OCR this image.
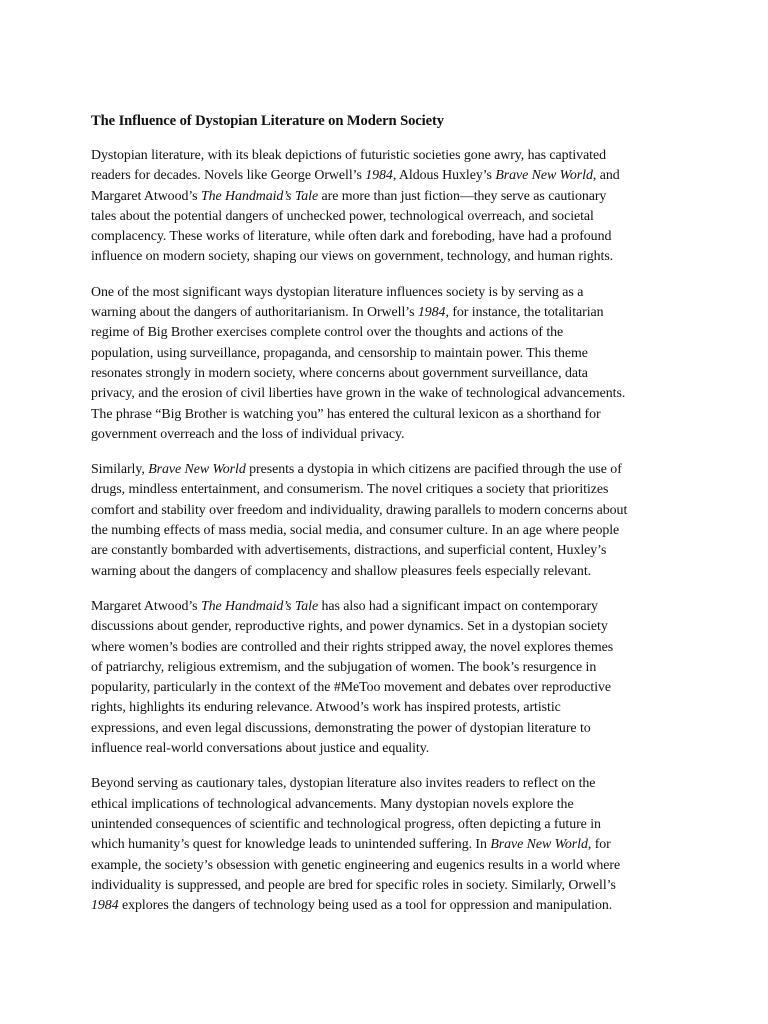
The Influence of Dystopian Literature on Modern Society
Dystopian literature, with its bleak depictions of futuristic societies gone awry, has captivated
readers for decades. Novels like George Orwell’s 1984, Aldous Huxley’s Brave New World, and
Margaret Atwood’s The Handmaid’s Tale are more than just fiction—they serve as cautionary
tales about the potential dangers of unchecked power, technological overreach, and societal
complacency. These works of literature, while often dark and foreboding, have had a profound
influence on modern society, shaping our views on government, technology, and human rights.
One of the most significant ways dystopian literature influences society is by serving as a
warning about the dangers of authoritarianism. In Orwell’s 1984, for instance, the totalitarian
regime of Big Brother exercises complete control over the thoughts and actions of the
population, using surveillance, propaganda, and censorship to maintain power. This theme
resonates strongly in modern society, where concerns about government surveillance, data
privacy, and the erosion of civil liberties have grown in the wake of technological advancements.
The phrase “Big Brother is watching you” has entered the cultural lexicon as a shorthand for
government overreach and the loss of individual privacy.
Similarly, Brave New World presents a dystopia in which citizens are pacified through the use of
drugs, mindless entertainment, and consumerism. The novel critiques a society that prioritizes
comfort and stability over freedom and individuality, drawing parallels to modern concerns about
the numbing effects of mass media, social media, and consumer culture. In an age where people
are constantly bombarded with advertisements, distractions, and superficial content, Huxley’s
warning about the dangers of complacency and shallow pleasures feels especially relevant.
Margaret Atwood’s The Handmaid’s Tale has also had a significant impact on contemporary
discussions about gender, reproductive rights, and power dynamics. Set in a dystopian society
where women’s bodies are controlled and their rights stripped away, the novel explores themes
of patriarchy, religious extremism, and the subjugation of women. The book’s resurgence in
popularity, particularly in the context of the #MeToo movement and debates over reproductive
rights, highlights its enduring relevance. Atwood’s work has inspired protests, artistic
expressions, and even legal discussions, demonstrating the power of dystopian literature to
influence real-world conversations about justice and equality.
Beyond serving as cautionary tales, dystopian literature also invites readers to reflect on the
ethical implications of technological advancements. Many dystopian novels explore the
unintended consequences of scientific and technological progress, often depicting a future in
which humanity’s quest for knowledge leads to unintended suffering. In Brave New World, for
example, the society’s obsession with genetic engineering and eugenics results in a world where
individuality is suppressed, and people are bred for specific roles in society. Similarly, Orwell’s
1984 explores the dangers of technology being used as a tool for oppression and manipulation.
